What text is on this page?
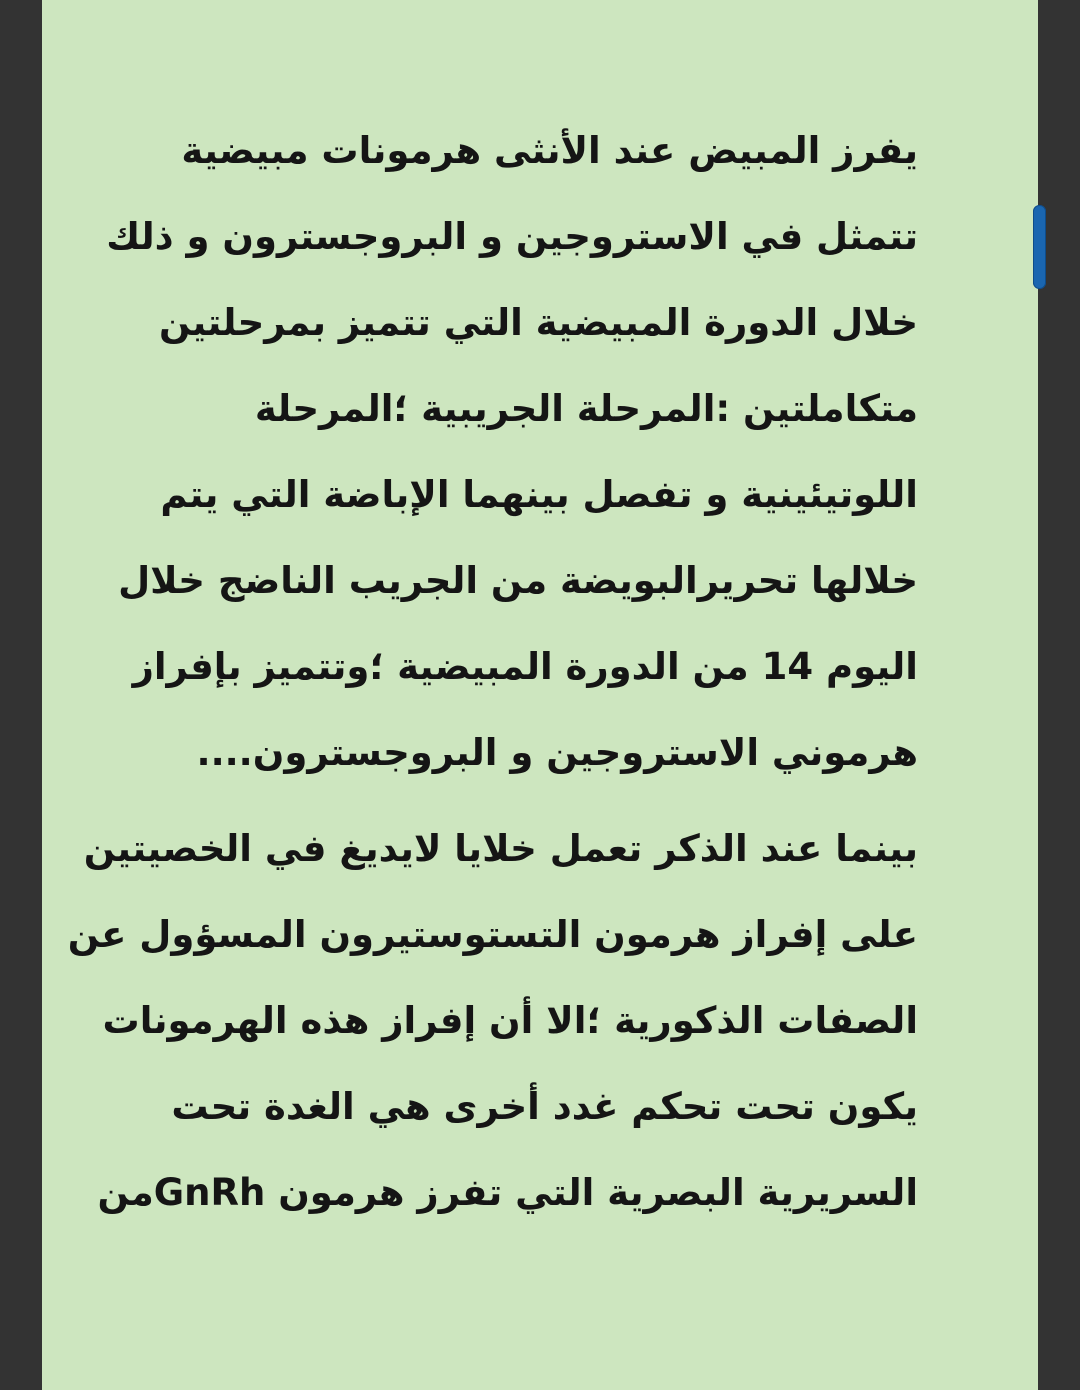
يفرز المبيض عند الأنثى هرمونات مبيضية
تتمثل في الاستروجين و البروجسترون و ذلك
خلال الدورة المبيضية التي تتميز بمرحلتين
متكاملتين :المرحلة الجريبية ؛المرحلة
اللوتيئينية و تفصل بينهما الإباضة التي يتم
خلالها تحريرالبويضة من الجريب الناضج خلال
اليوم 14 من الدورة المبيضية ؛وتتميز بإفراز
هرموني الاستروجين و البروجسترون....
بينما عند الذكر تعمل خلايا لايديغ في الخصيتين
على إفراز هرمون التستوستيرون المسؤول عن
الصفات الذكورية ؛الا أن إفراز هذه الهرمونات
يكون تحت تحكم غدد أخرى هي الغدة تحت
السريرية البصرية التي تفرز هرمون GnRhمن
